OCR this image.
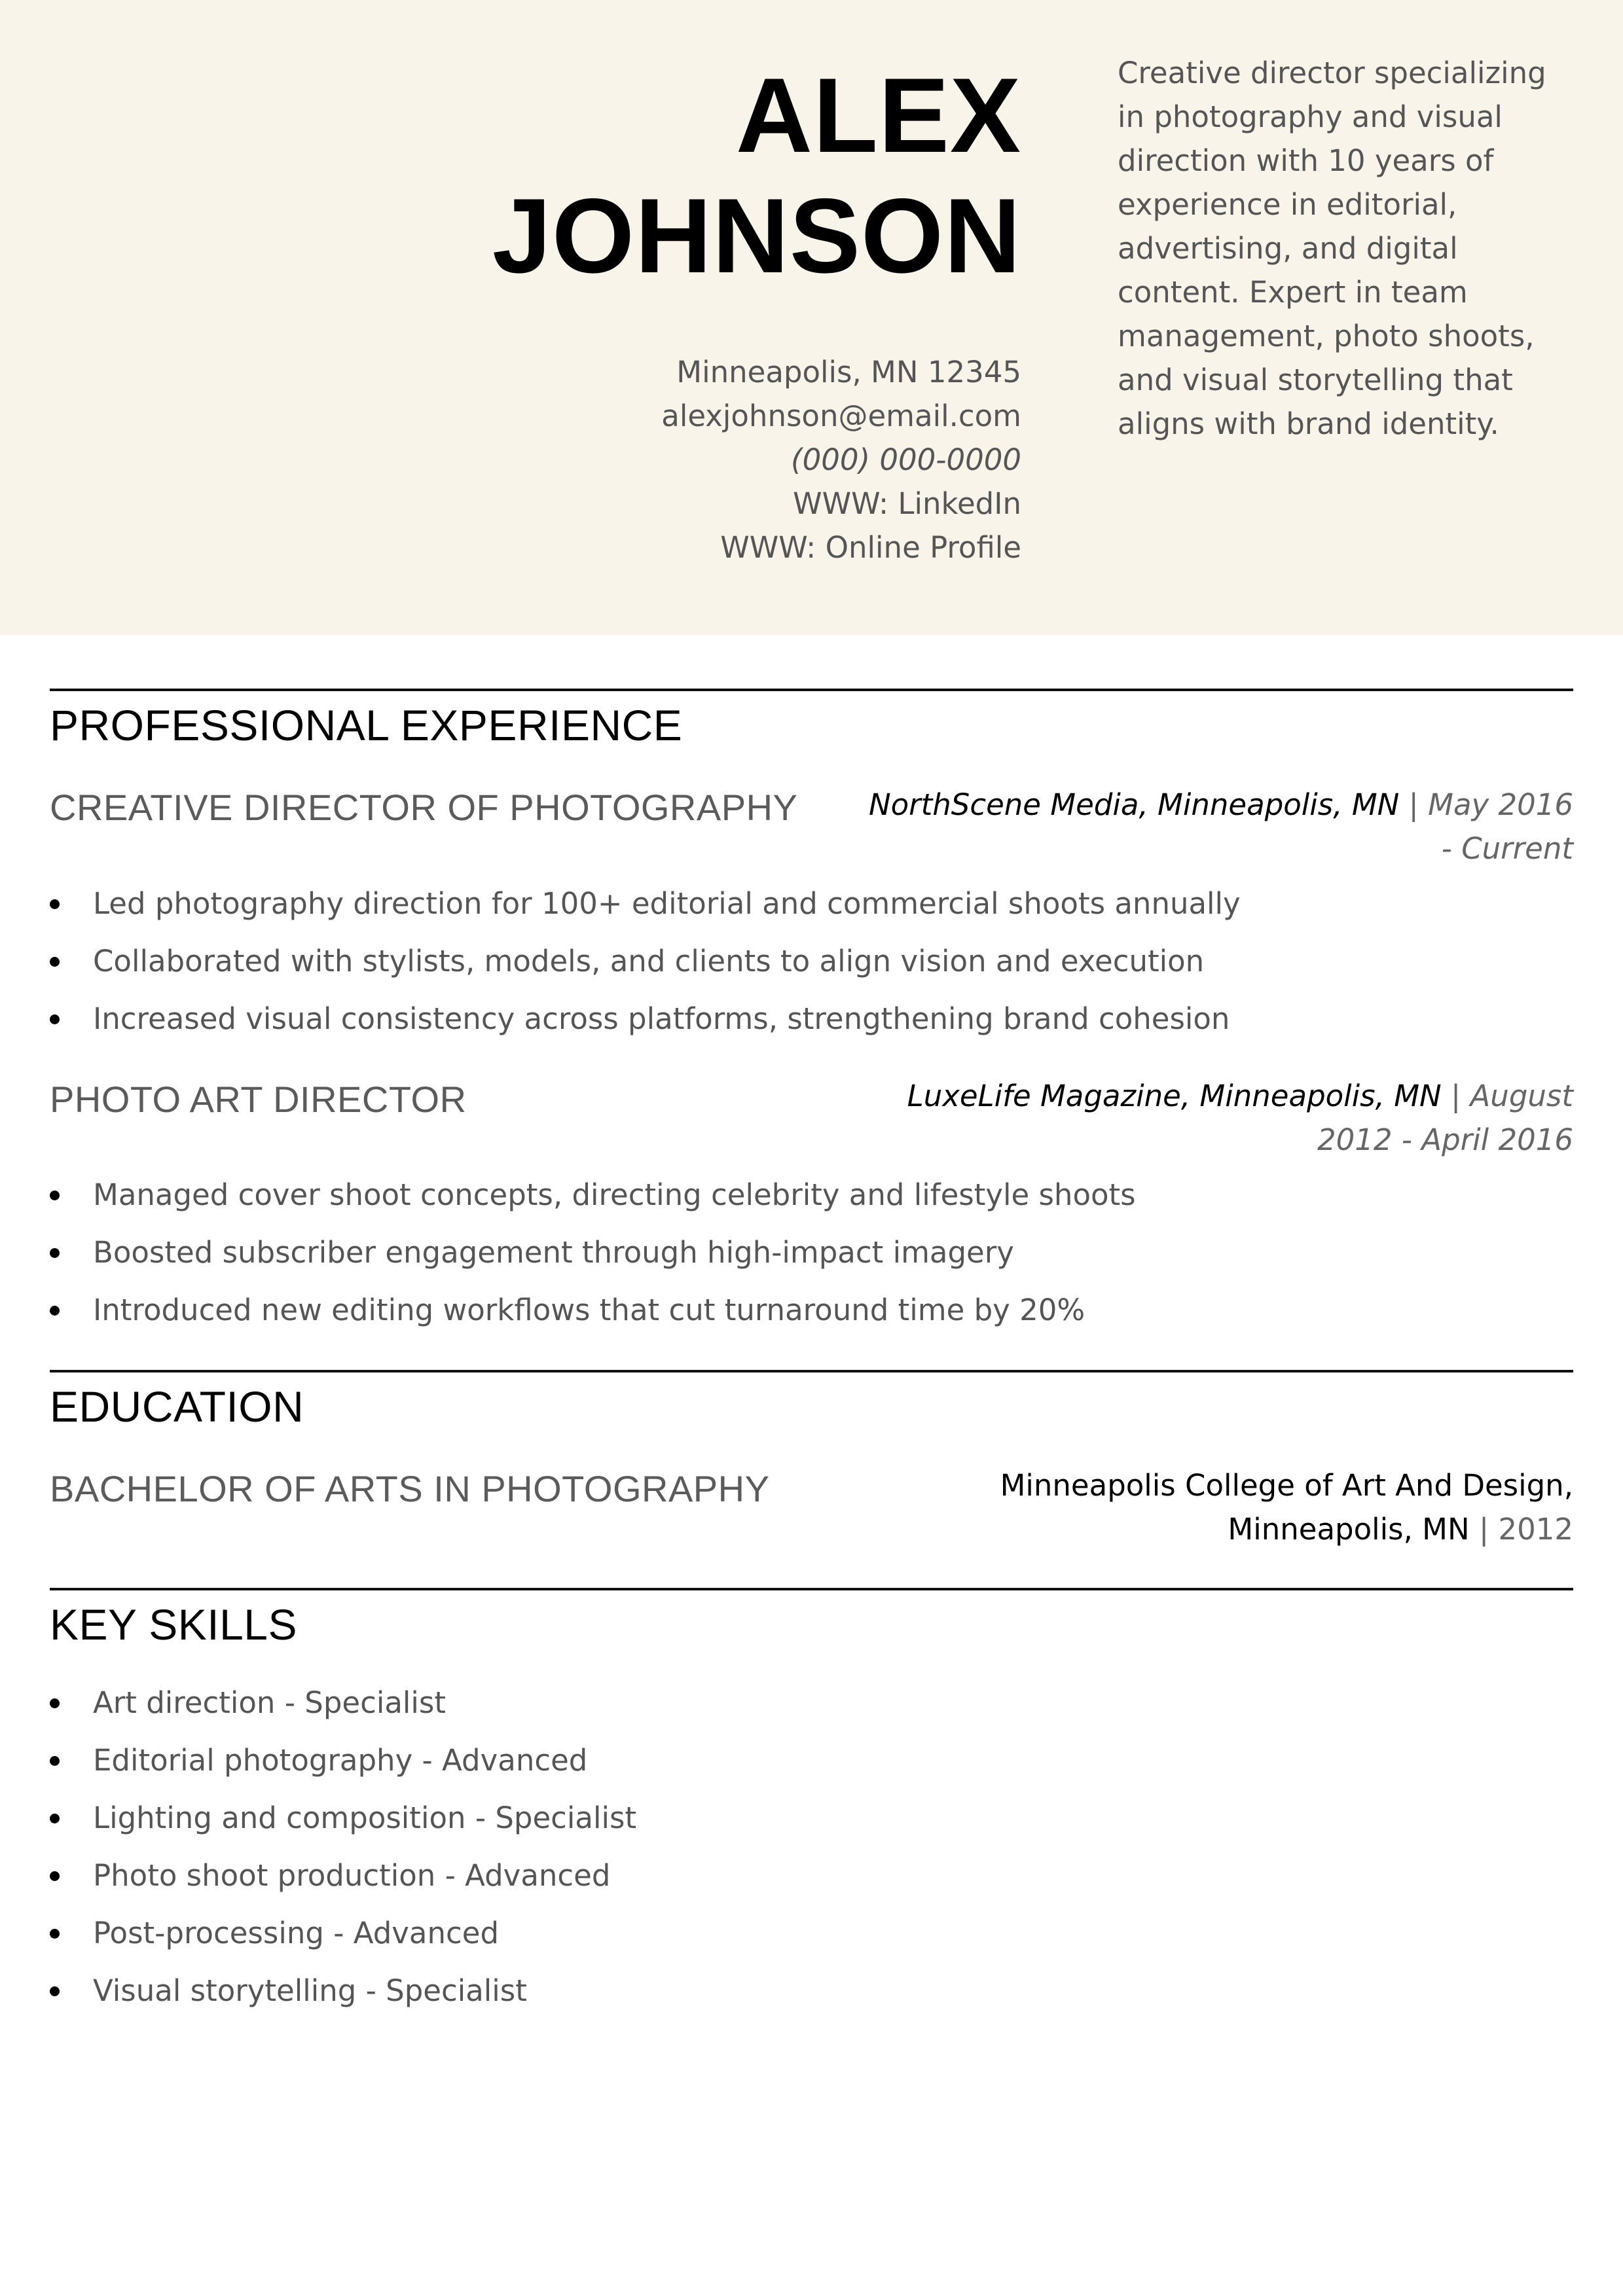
ALEX
JOHNSON
Minneapolis, MN 12345
alexjohnson@email.com
(000) 000-0000
WWW: LinkedIn
WWW: Online Profile
Creative director specializing in photography and visual direction with 10 years of experience in editorial, advertising, and digital content. Expert in team management, photo shoots, and visual storytelling that aligns with brand identity.
PROFESSIONAL EXPERIENCE
CREATIVE DIRECTOR OF PHOTOGRAPHY	NorthScene Media, Minneapolis, MN | May 2016 - Current
Led photography direction for 100+ editorial and commercial shoots annually
Collaborated with stylists, models, and clients to align vision and execution
Increased visual consistency across platforms, strengthening brand cohesion
PHOTO ART DIRECTOR	LuxeLife Magazine, Minneapolis, MN | August 2012 - April 2016
Managed cover shoot concepts, directing celebrity and lifestyle shoots
Boosted subscriber engagement through high-impact imagery
Introduced new editing workflows that cut turnaround time by 20%
EDUCATION
BACHELOR OF ARTS IN PHOTOGRAPHY	Minneapolis College of Art And Design,
Minneapolis, MN | 2012
KEY SKILLS
Art direction - Specialist
Editorial photography - Advanced
Lighting and composition - Specialist
Photo shoot production - Advanced
Post-processing - Advanced
Visual storytelling - Specialist
